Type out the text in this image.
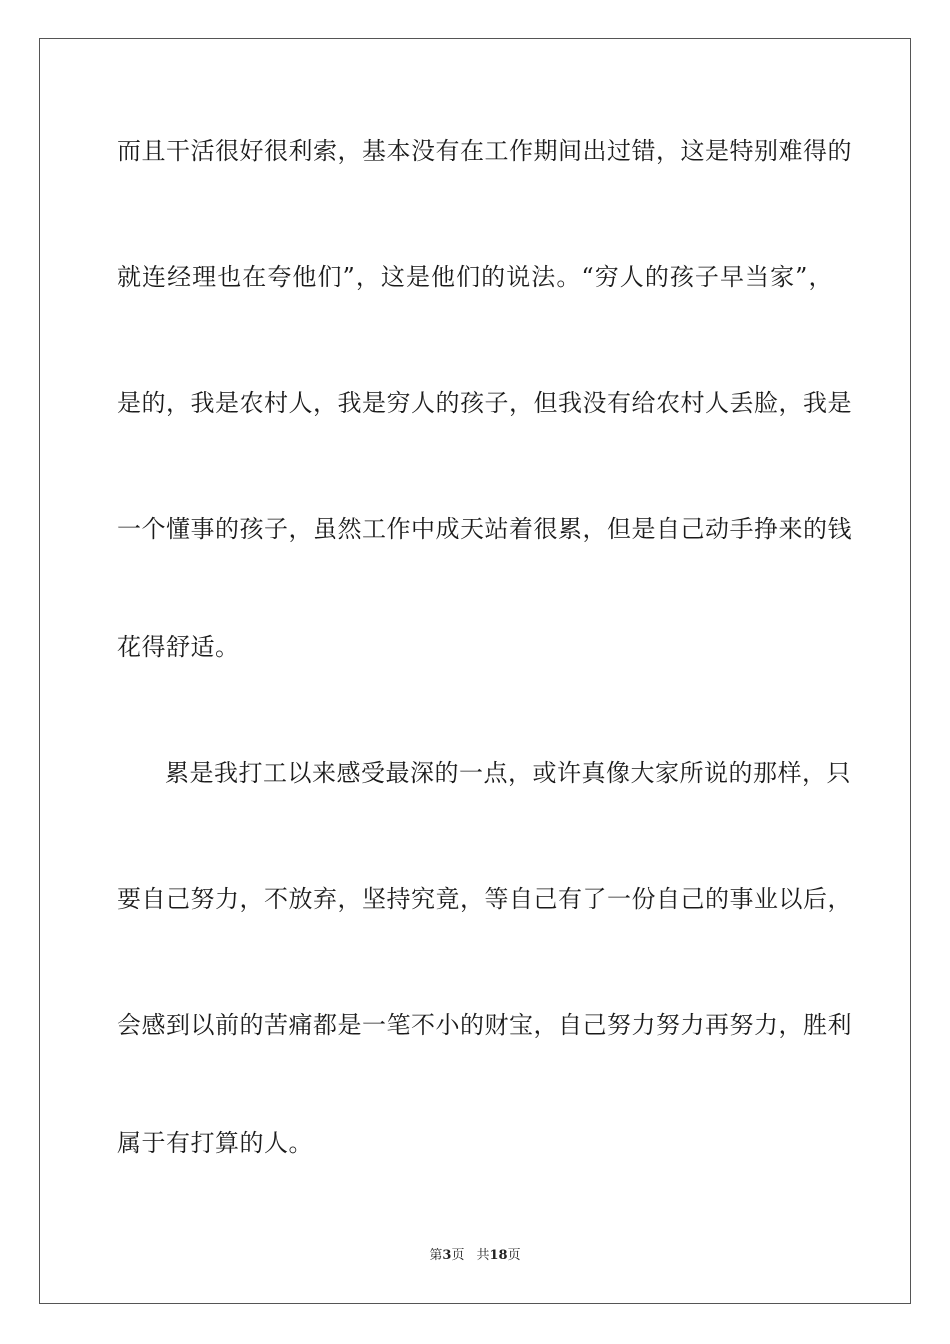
而且干活很好很利索，基本没有在工作期间出过错，这是特别难得的
就连经理也在夸他们”，这是他们的说法。“穷人的孩子早当家”，
是的，我是农村人，我是穷人的孩子，但我没有给农村人丢脸，我是
一个懂事的孩子，虽然工作中成天站着很累，但是自己动手挣来的钱
花得舒适。
累是我打工以来感受最深的一点，或许真像大家所说的那样，只
要自己努力，不放弃，坚持究竟，等自己有了一份自己的事业以后，
会感到以前的苦痛都是一笔不小的财宝，自己努力努力再努力，胜利
属于有打算的人。
第3页 共18页
